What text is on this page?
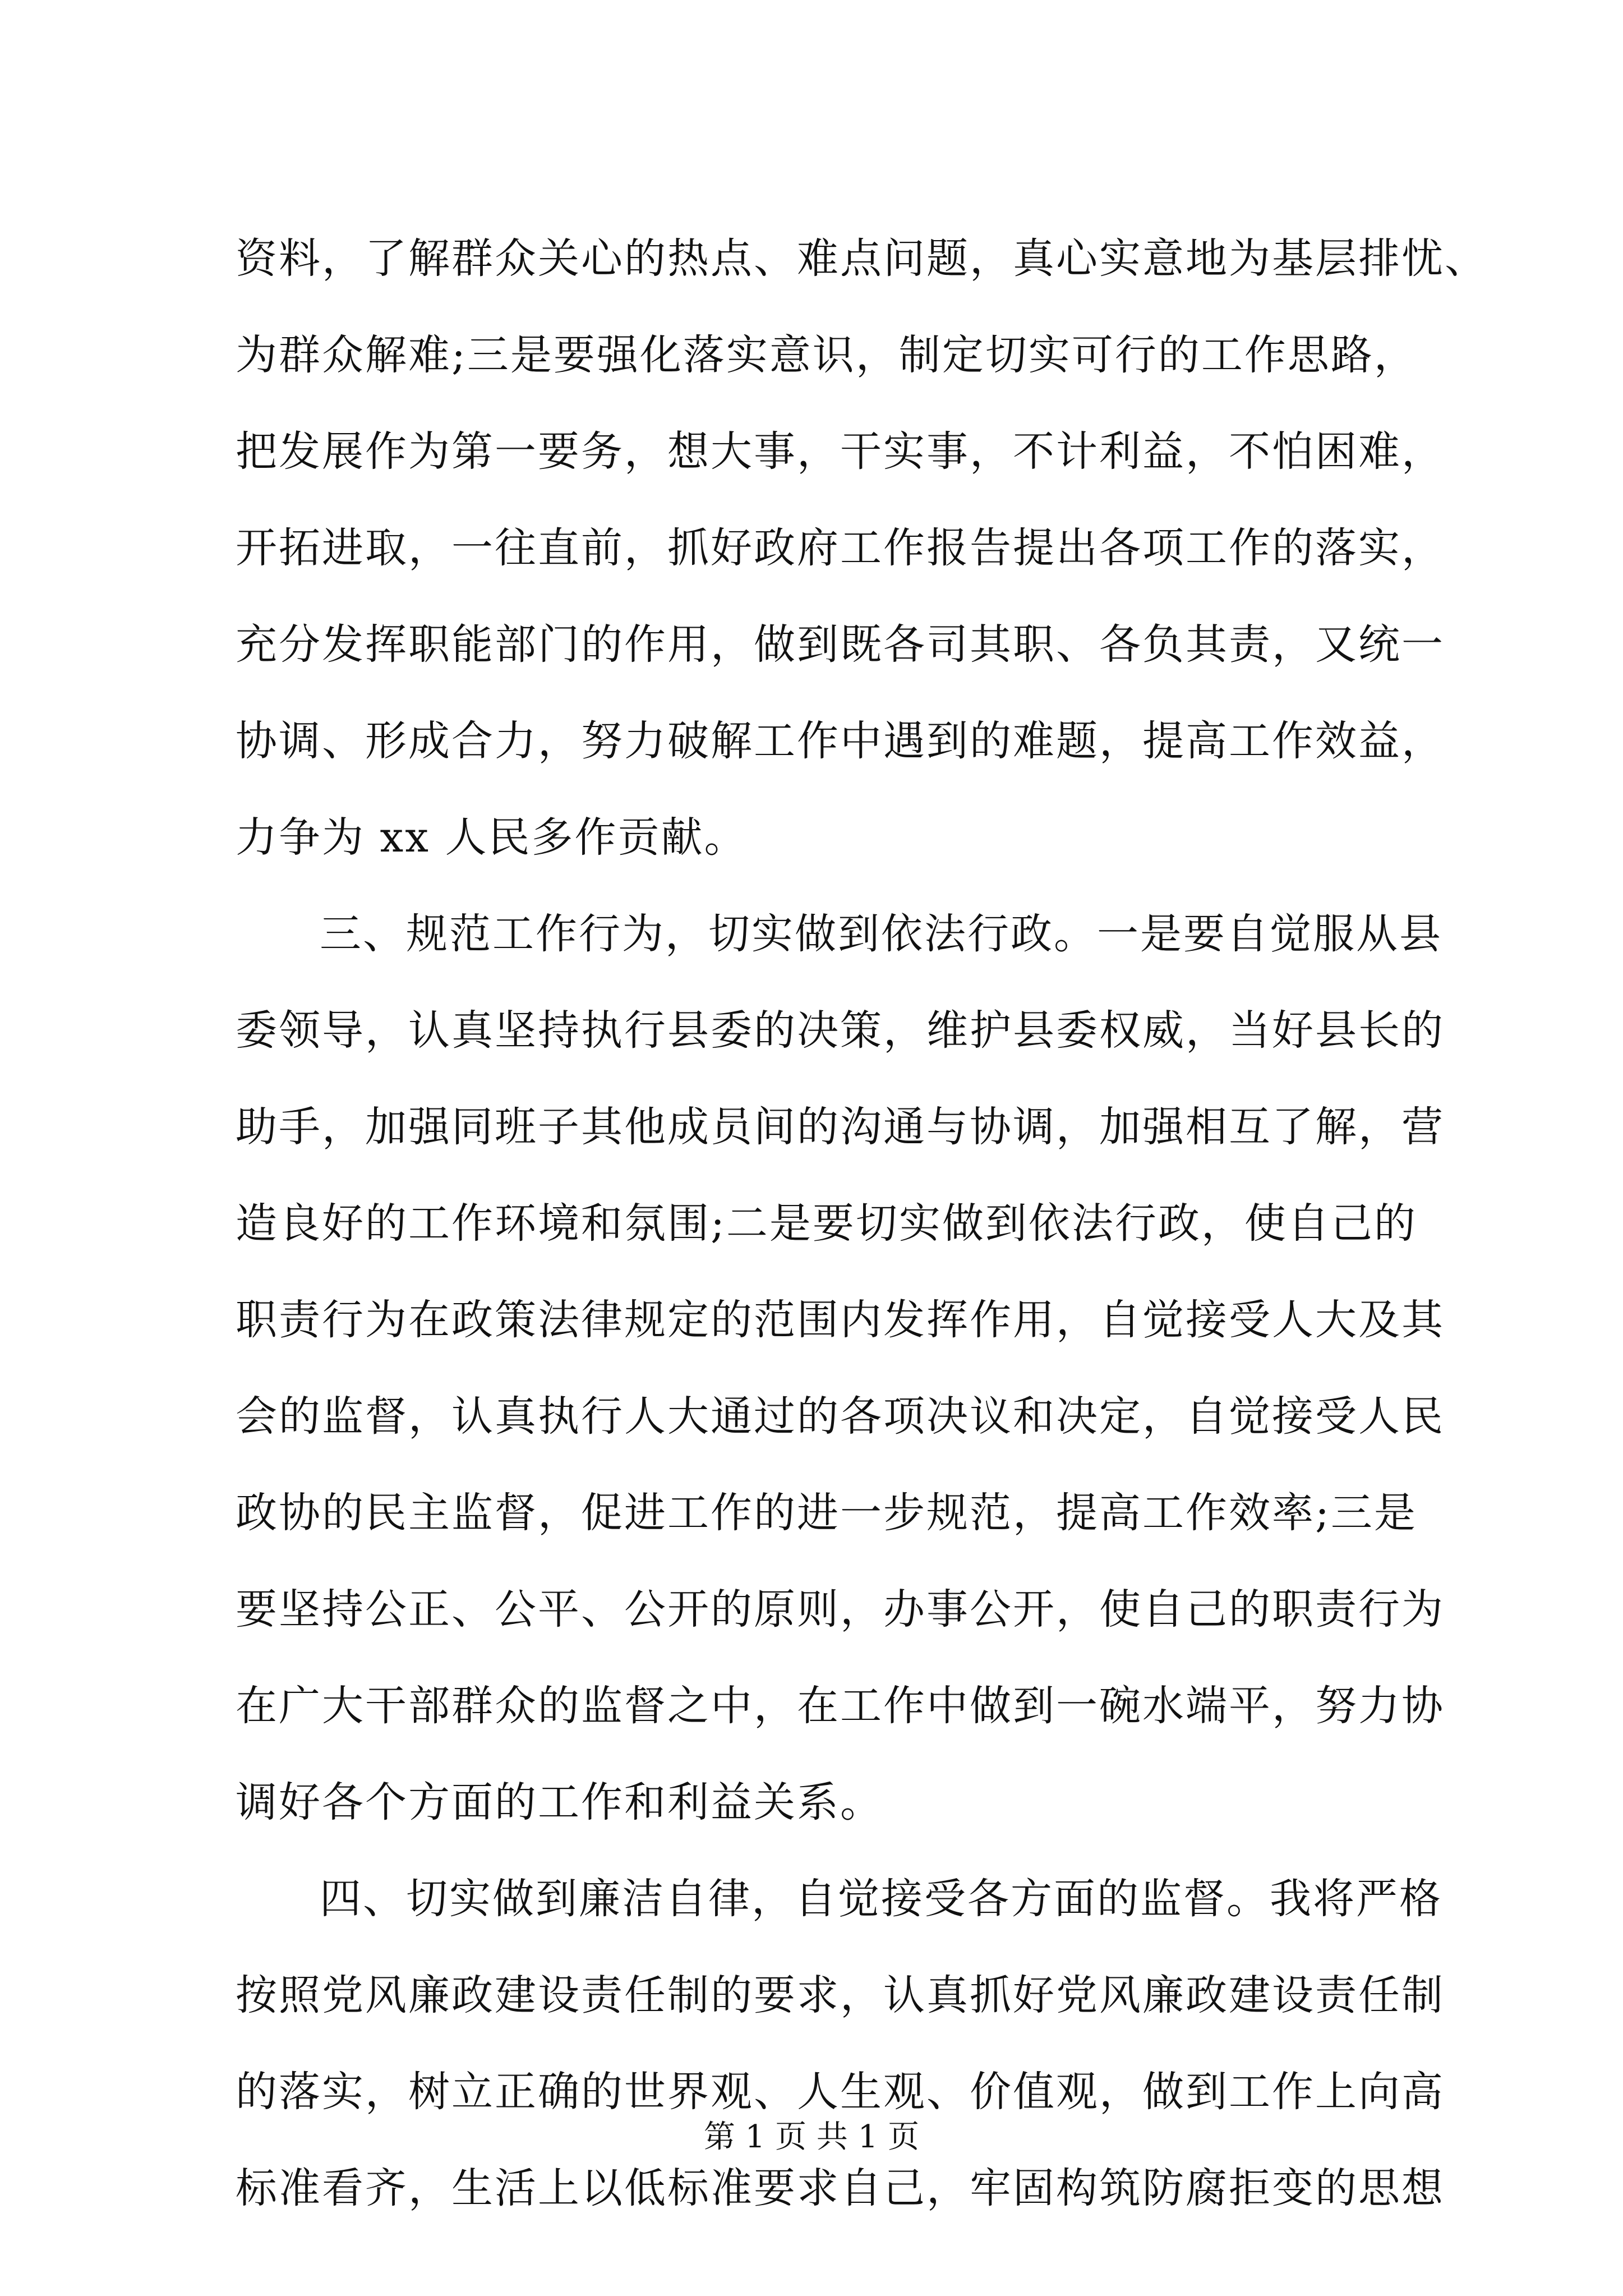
资料，了解群众关心的热点、难点问题，真心实意地为基层排忧、
为群众解难;三是要强化落实意识，制定切实可行的工作思路，
把发展作为第一要务，想大事，干实事，不计利益，不怕困难，
开拓进取，一往直前，抓好政府工作报告提出各项工作的落实，
充分发挥职能部门的作用，做到既各司其职、各负其责，又统一
协调、形成合力，努力破解工作中遇到的难题，提高工作效益，
力争为 xx 人民多作贡献。
三、规范工作行为，切实做到依法行政。一是要自觉服从县
委领导，认真坚持执行县委的决策，维护县委权威，当好县长的
助手，加强同班子其他成员间的沟通与协调，加强相互了解，营
造良好的工作环境和氛围;二是要切实做到依法行政，使自己的
职责行为在政策法律规定的范围内发挥作用，自觉接受人大及其
会的监督，认真执行人大通过的各项决议和决定，自觉接受人民
政协的民主监督，促进工作的进一步规范，提高工作效率;三是
要坚持公正、公平、公开的原则，办事公开，使自己的职责行为
在广大干部群众的监督之中，在工作中做到一碗水端平，努力协
调好各个方面的工作和利益关系。
四、切实做到廉洁自律，自觉接受各方面的监督。我将严格
按照党风廉政建设责任制的要求，认真抓好党风廉政建设责任制
的落实，树立正确的世界观、人生观、价值观，做到工作上向高
标准看齐，生活上以低标准要求自己，牢固构筑防腐拒变的思想
第 1 页 共 1 页
